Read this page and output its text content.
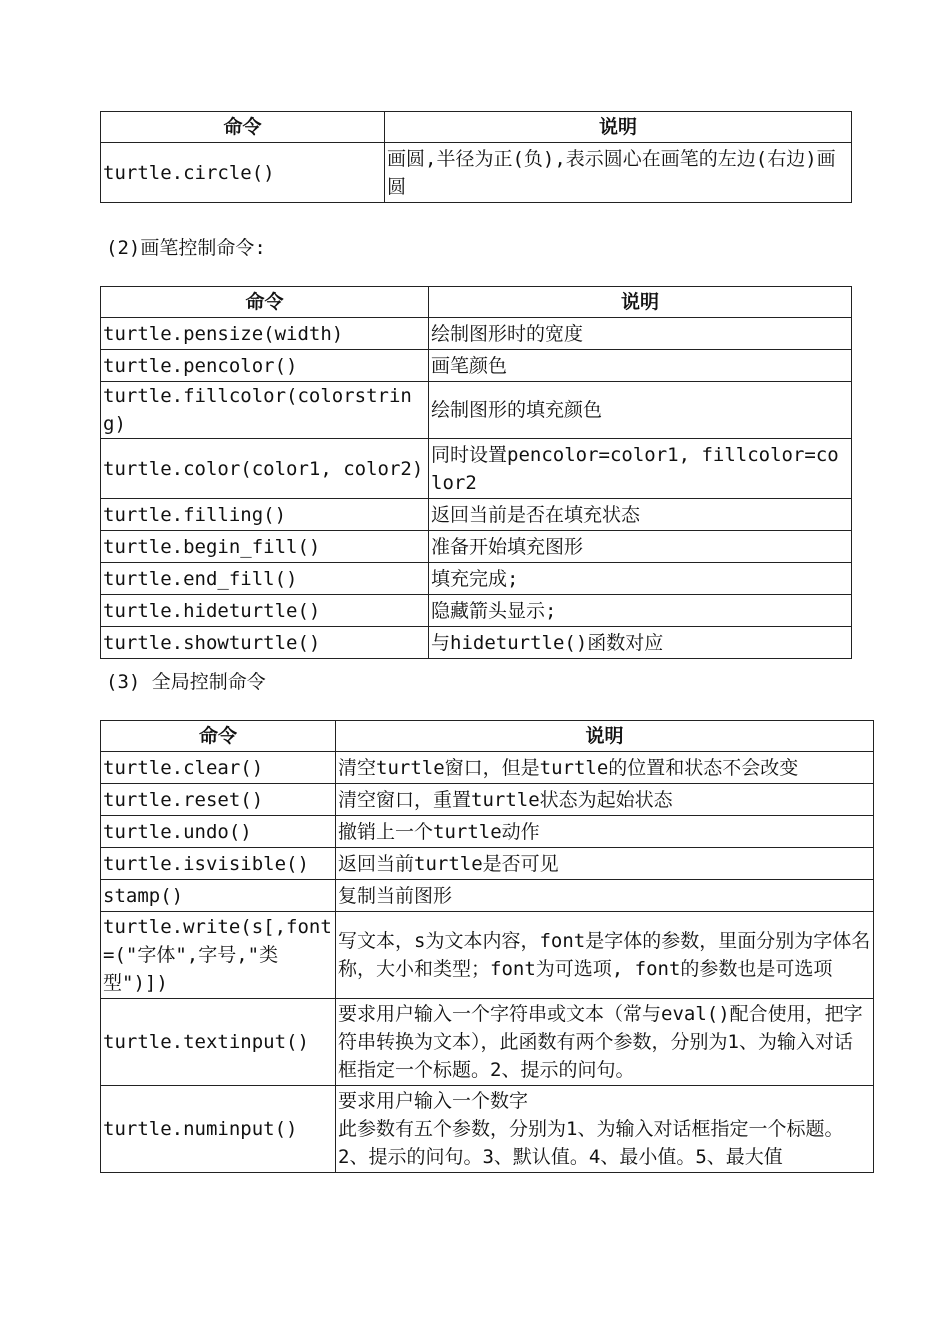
命令	说明
turtle.circle()	画圆,半径为正(负),表示圆心在画笔的左边(右边)画圆
(2)画笔控制命令:
命令	说明
turtle.pensize(width)	绘制图形时的宽度
turtle.pencolor()	画笔颜色
turtle.fillcolor(colorstring)	绘制图形的填充颜色
turtle.color(color1, color2)	同时设置pencolor=color1, fillcolor=color2
turtle.filling()	返回当前是否在填充状态
turtle.begin_fill()	准备开始填充图形
turtle.end_fill()	填充完成;
turtle.hideturtle()	隐藏箭头显示;
turtle.showturtle()	与hideturtle()函数对应
(3) 全局控制命令
命令	说明
turtle.clear()	清空turtle窗口，但是turtle的位置和状态不会改变
turtle.reset()	清空窗口，重置turtle状态为起始状态
turtle.undo()	撤销上一个turtle动作
turtle.isvisible()	返回当前turtle是否可见
stamp()	复制当前图形
turtle.write(s[,font=("字体",字号,"类型")])	写文本，s为文本内容，font是字体的参数，里面分别为字体名称，大小和类型；font为可选项, font的参数也是可选项
turtle.textinput()	要求用户输入一个字符串或文本（常与eval()配合使用，把字符串转换为文本），此函数有两个参数，分别为1、为输入对话框指定一个标题。2、提示的问句。
turtle.numinput()	要求用户输入一个数字
此参数有五个参数，分别为1、为输入对话框指定一个标题。2、提示的问句。3、默认值。4、最小值。5、最大值
